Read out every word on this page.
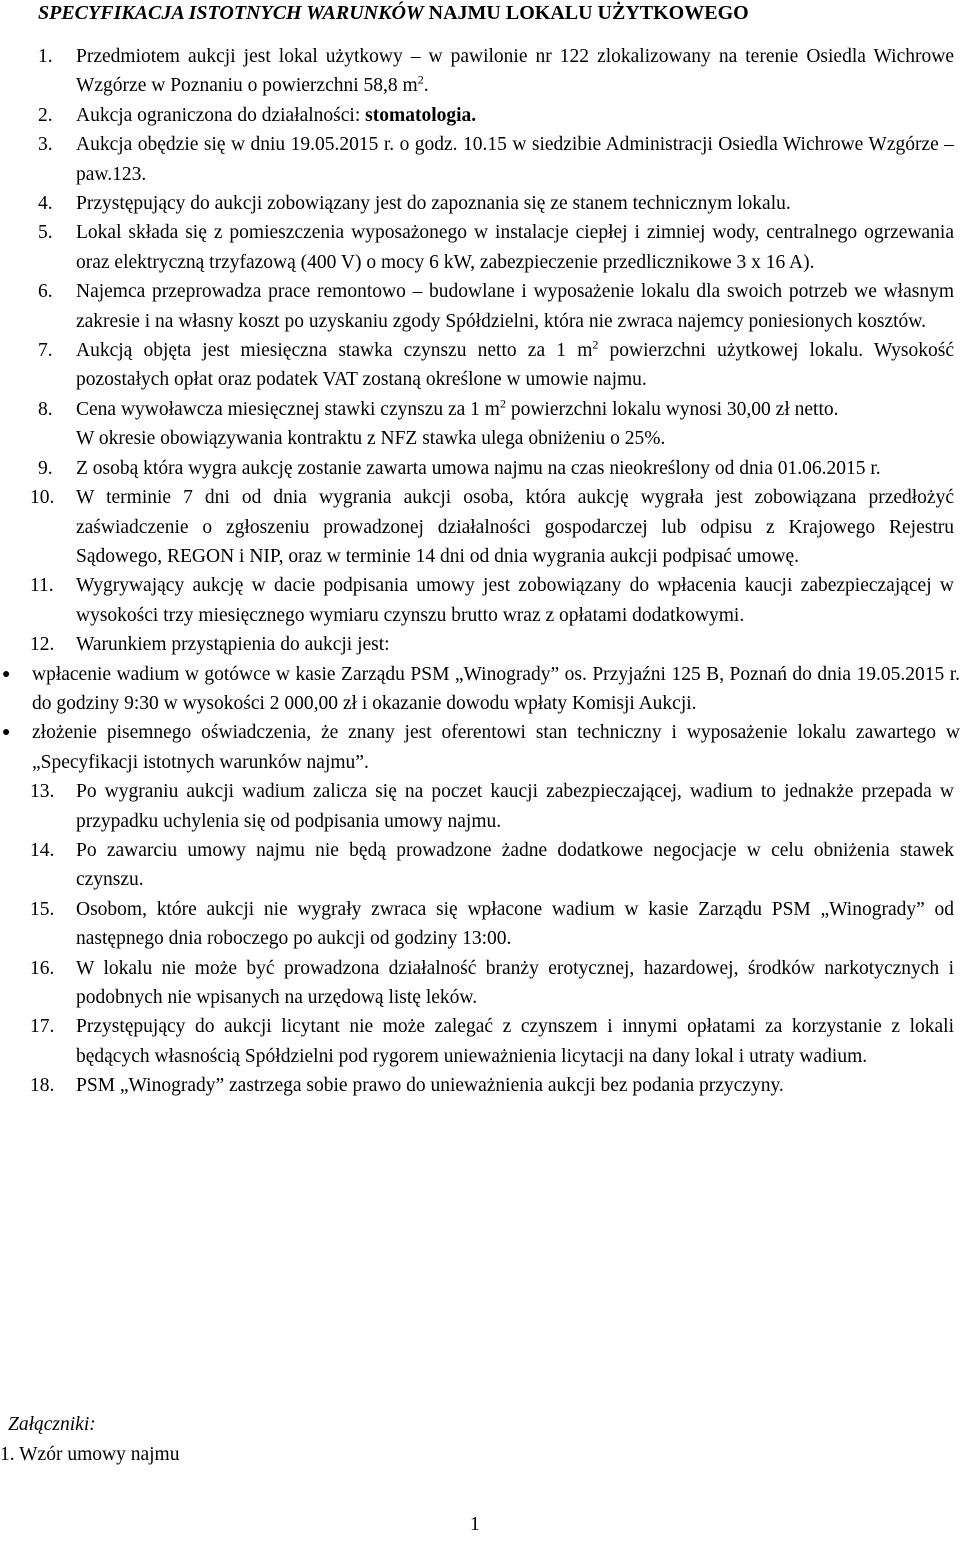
SPECYFIKACJA ISTOTNYCH WARUNKÓW NAJMU LOKALU UŻYTKOWEGO
1. Przedmiotem aukcji jest lokal użytkowy – w pawilonie nr 122 zlokalizowany na terenie Osiedla Wichrowe Wzgórze w Poznaniu o powierzchni 58,8 $m^2$.
2. Aukcja ograniczona do działalności: stomatologia.
3. Aukcja obędzie się w dniu 19.05.2015 r. o godz. 10.15 w siedzibie Administracji Osiedla Wichrowe Wzgórze – paw.123.
4. Przystępujący do aukcji zobowiązany jest do zapoznania się ze stanem technicznym lokalu.
5. Lokal składa się z pomieszczenia wyposażonego w instalacje ciepłej i zimniej wody, centralnego ogrzewania oraz elektryczną trzyfazową (400 V) o mocy 6 kW, zabezpieczenie przedlicznikowe 3 x 16 A).
6. Najemca przeprowadza prace remontowo – budowlane i wyposażenie lokalu dla swoich potrzeb we własnym zakresie i na własny koszt po uzyskaniu zgody Spółdzielni, która nie zwraca najemcy poniesionych kosztów.
7. Aukcją objęta jest miesięczna stawka czynszu netto za 1 $m^2$ powierzchni użytkowej lokalu. Wysokość pozostałych opłat oraz podatek VAT zostaną określone w umowie najmu.
8. Cena wywoławcza miesięcznej stawki czynszu za 1 $m^2$ powierzchni lokalu wynosi 30,00 zł netto.
W okresie obowiązywania kontraktu z NFZ stawka ulega obniżeniu o 25%.
9. Z osobą która wygra aukcję zostanie zawarta umowa najmu na czas nieokreślony od dnia 01.06.2015 r.
10. W terminie 7 dni od dnia wygrania aukcji osoba, która aukcję wygrała jest zobowiązana przedłożyć zaświadczenie o zgłoszeniu prowadzonej działalności gospodarczej lub odpisu z Krajowego Rejestru Sądowego, REGON i NIP, oraz w terminie 14 dni od dnia wygrania aukcji podpisać umowę.
11. Wygrywający aukcję w dacie podpisania umowy jest zobowiązany do wpłacenia kaucji zabezpieczającej w wysokości trzy miesięcznego wymiaru czynszu brutto wraz z opłatami dodatkowymi.
12. Warunkiem przystąpienia do aukcji jest:
● wpłacenie wadium w gotówce w kasie Zarządu PSM „Winogrady” os. Przyjaźni 125 B, Poznań do dnia 19.05.2015 r. do godziny 9:30 w wysokości 2 000,00 zł i okazanie dowodu wpłaty Komisji Aukcji.
● złożenie pisemnego oświadczenia, że znany jest oferentowi stan techniczny i wyposażenie lokalu zawartego w „Specyfikacji istotnych warunków najmu”.
13. Po wygraniu aukcji wadium zalicza się na poczet kaucji zabezpieczającej, wadium to jednakże przepada w przypadku uchylenia się od podpisania umowy najmu.
14. Po zawarciu umowy najmu nie będą prowadzone żadne dodatkowe negocjacje w celu obniżenia stawek czynszu.
15. Osobom, które aukcji nie wygrały zwraca się wpłacone wadium w kasie Zarządu PSM „Winogrady” od następnego dnia roboczego po aukcji od godziny 13:00.
16. W lokalu nie może być prowadzona działalność branży erotycznej, hazardowej, środków narkotycznych i podobnych nie wpisanych na urzędową listę leków.
17. Przystępujący do aukcji licytant nie może zalegać z czynszem i innymi opłatami za korzystanie z lokali będących własnością Spółdzielni pod rygorem unieważnienia licytacji na dany lokal i utraty wadium.
18. PSM „Winogrady” zastrzega sobie prawo do unieważnienia aukcji bez podania przyczyny.
Załączniki:
1. Wzór umowy najmu
1
